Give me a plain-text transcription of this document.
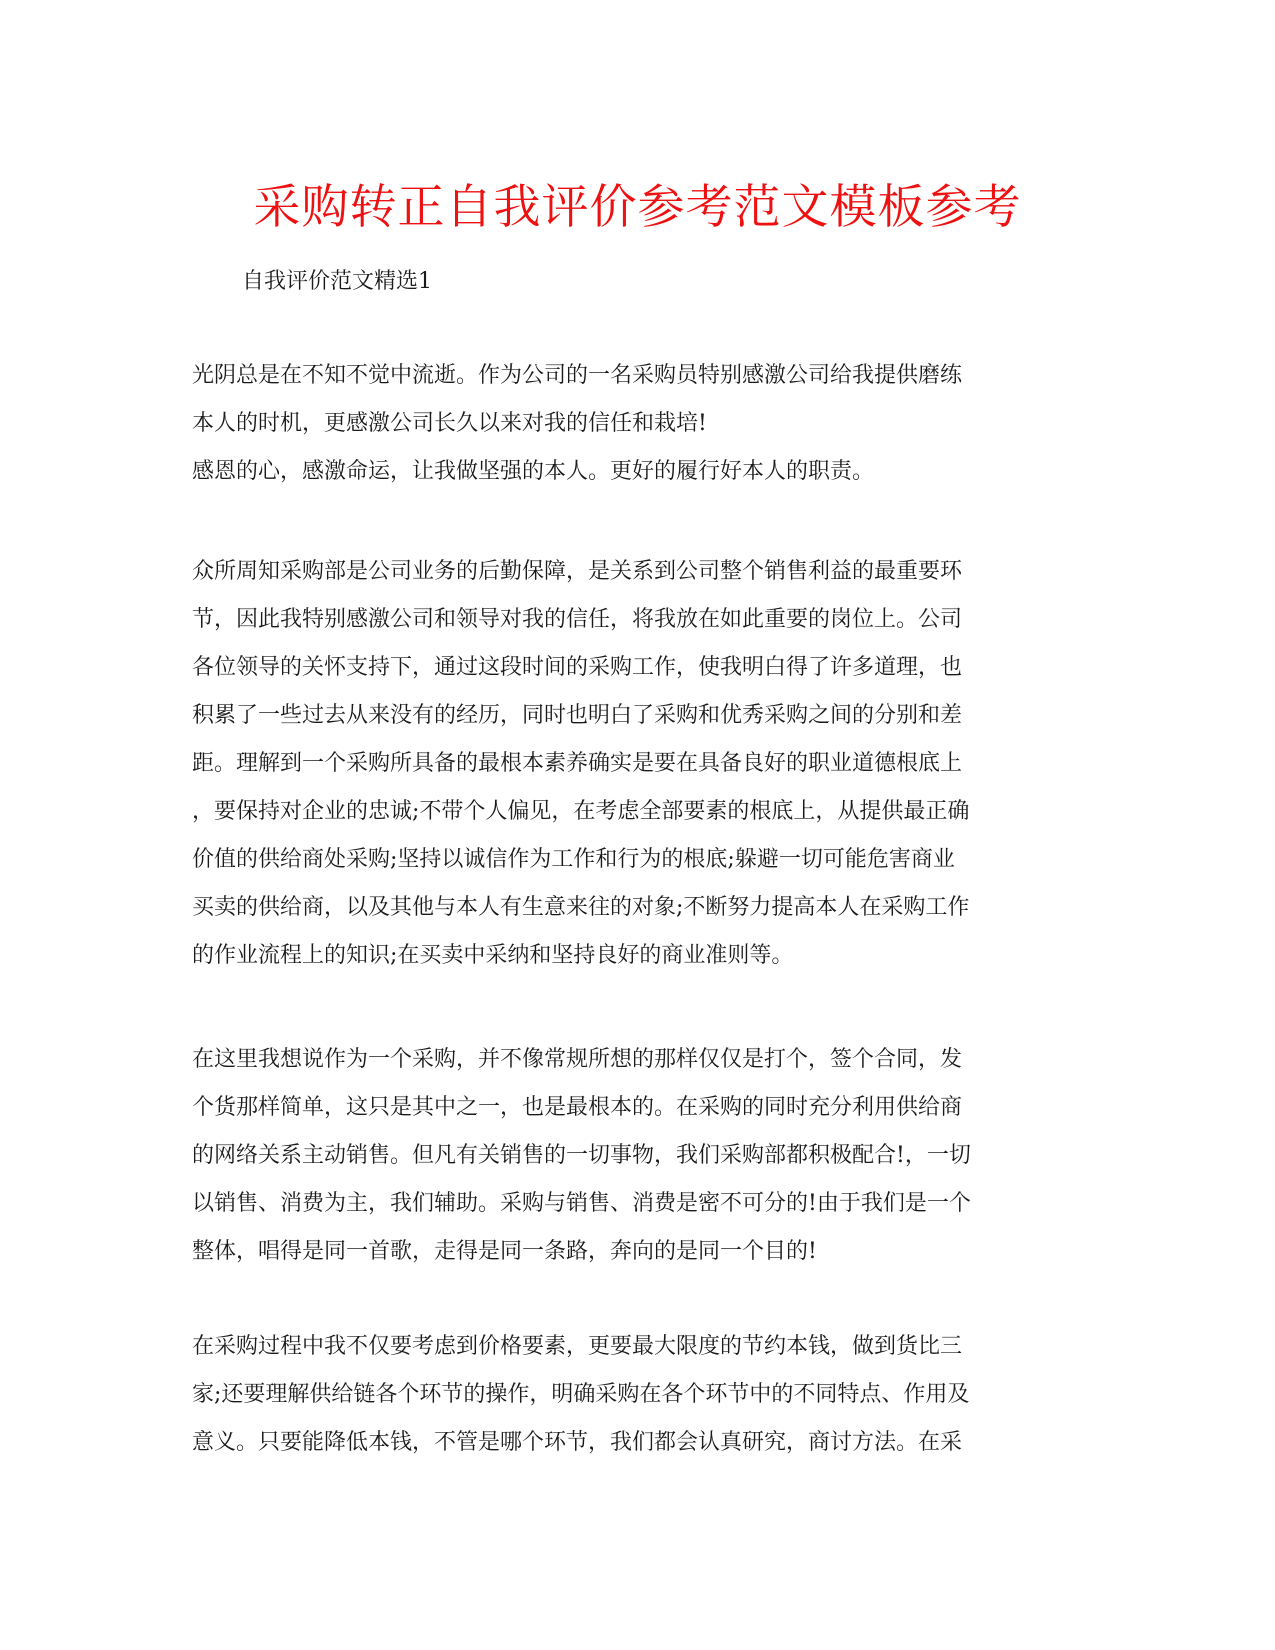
采购转正自我评价参考范文模板参考

自我评价范文精选1

光阴总是在不知不觉中流逝。作为公司的一名采购员特别感激公司给我提供磨练
本人的时机，更感激公司长久以来对我的信任和栽培!
感恩的心，感激命运，让我做坚强的本人。更好的履行好本人的职责。
众所周知采购部是公司业务的后勤保障，是关系到公司整个销售利益的最重要环
节，因此我特别感激公司和领导对我的信任，将我放在如此重要的岗位上。公司
各位领导的关怀支持下，通过这段时间的采购工作，使我明白得了许多道理，也
积累了一些过去从来没有的经历，同时也明白了采购和优秀采购之间的分别和差
距。理解到一个采购所具备的最根本素养确实是要在具备良好的职业道德根底上
，要保持对企业的忠诚;不带个人偏见，在考虑全部要素的根底上，从提供最正确
价值的供给商处采购;坚持以诚信作为工作和行为的根底;躲避一切可能危害商业
买卖的供给商，以及其他与本人有生意来往的对象;不断努力提高本人在采购工作
的作业流程上的知识;在买卖中采纳和坚持良好的商业准则等。
在这里我想说作为一个采购，并不像常规所想的那样仅仅是打个，签个合同，发
个货那样简单，这只是其中之一，也是最根本的。在采购的同时充分利用供给商
的网络关系主动销售。但凡有关销售的一切事物，我们采购部都积极配合!，一切
以销售、消费为主，我们辅助。采购与销售、消费是密不可分的!由于我们是一个
整体，唱得是同一首歌，走得是同一条路，奔向的是同一个目的!
在采购过程中我不仅要考虑到价格要素，更要最大限度的节约本钱，做到货比三
家;还要理解供给链各个环节的操作，明确采购在各个环节中的不同特点、作用及
意义。只要能降低本钱，不管是哪个环节，我们都会认真研究，商讨方法。在采
